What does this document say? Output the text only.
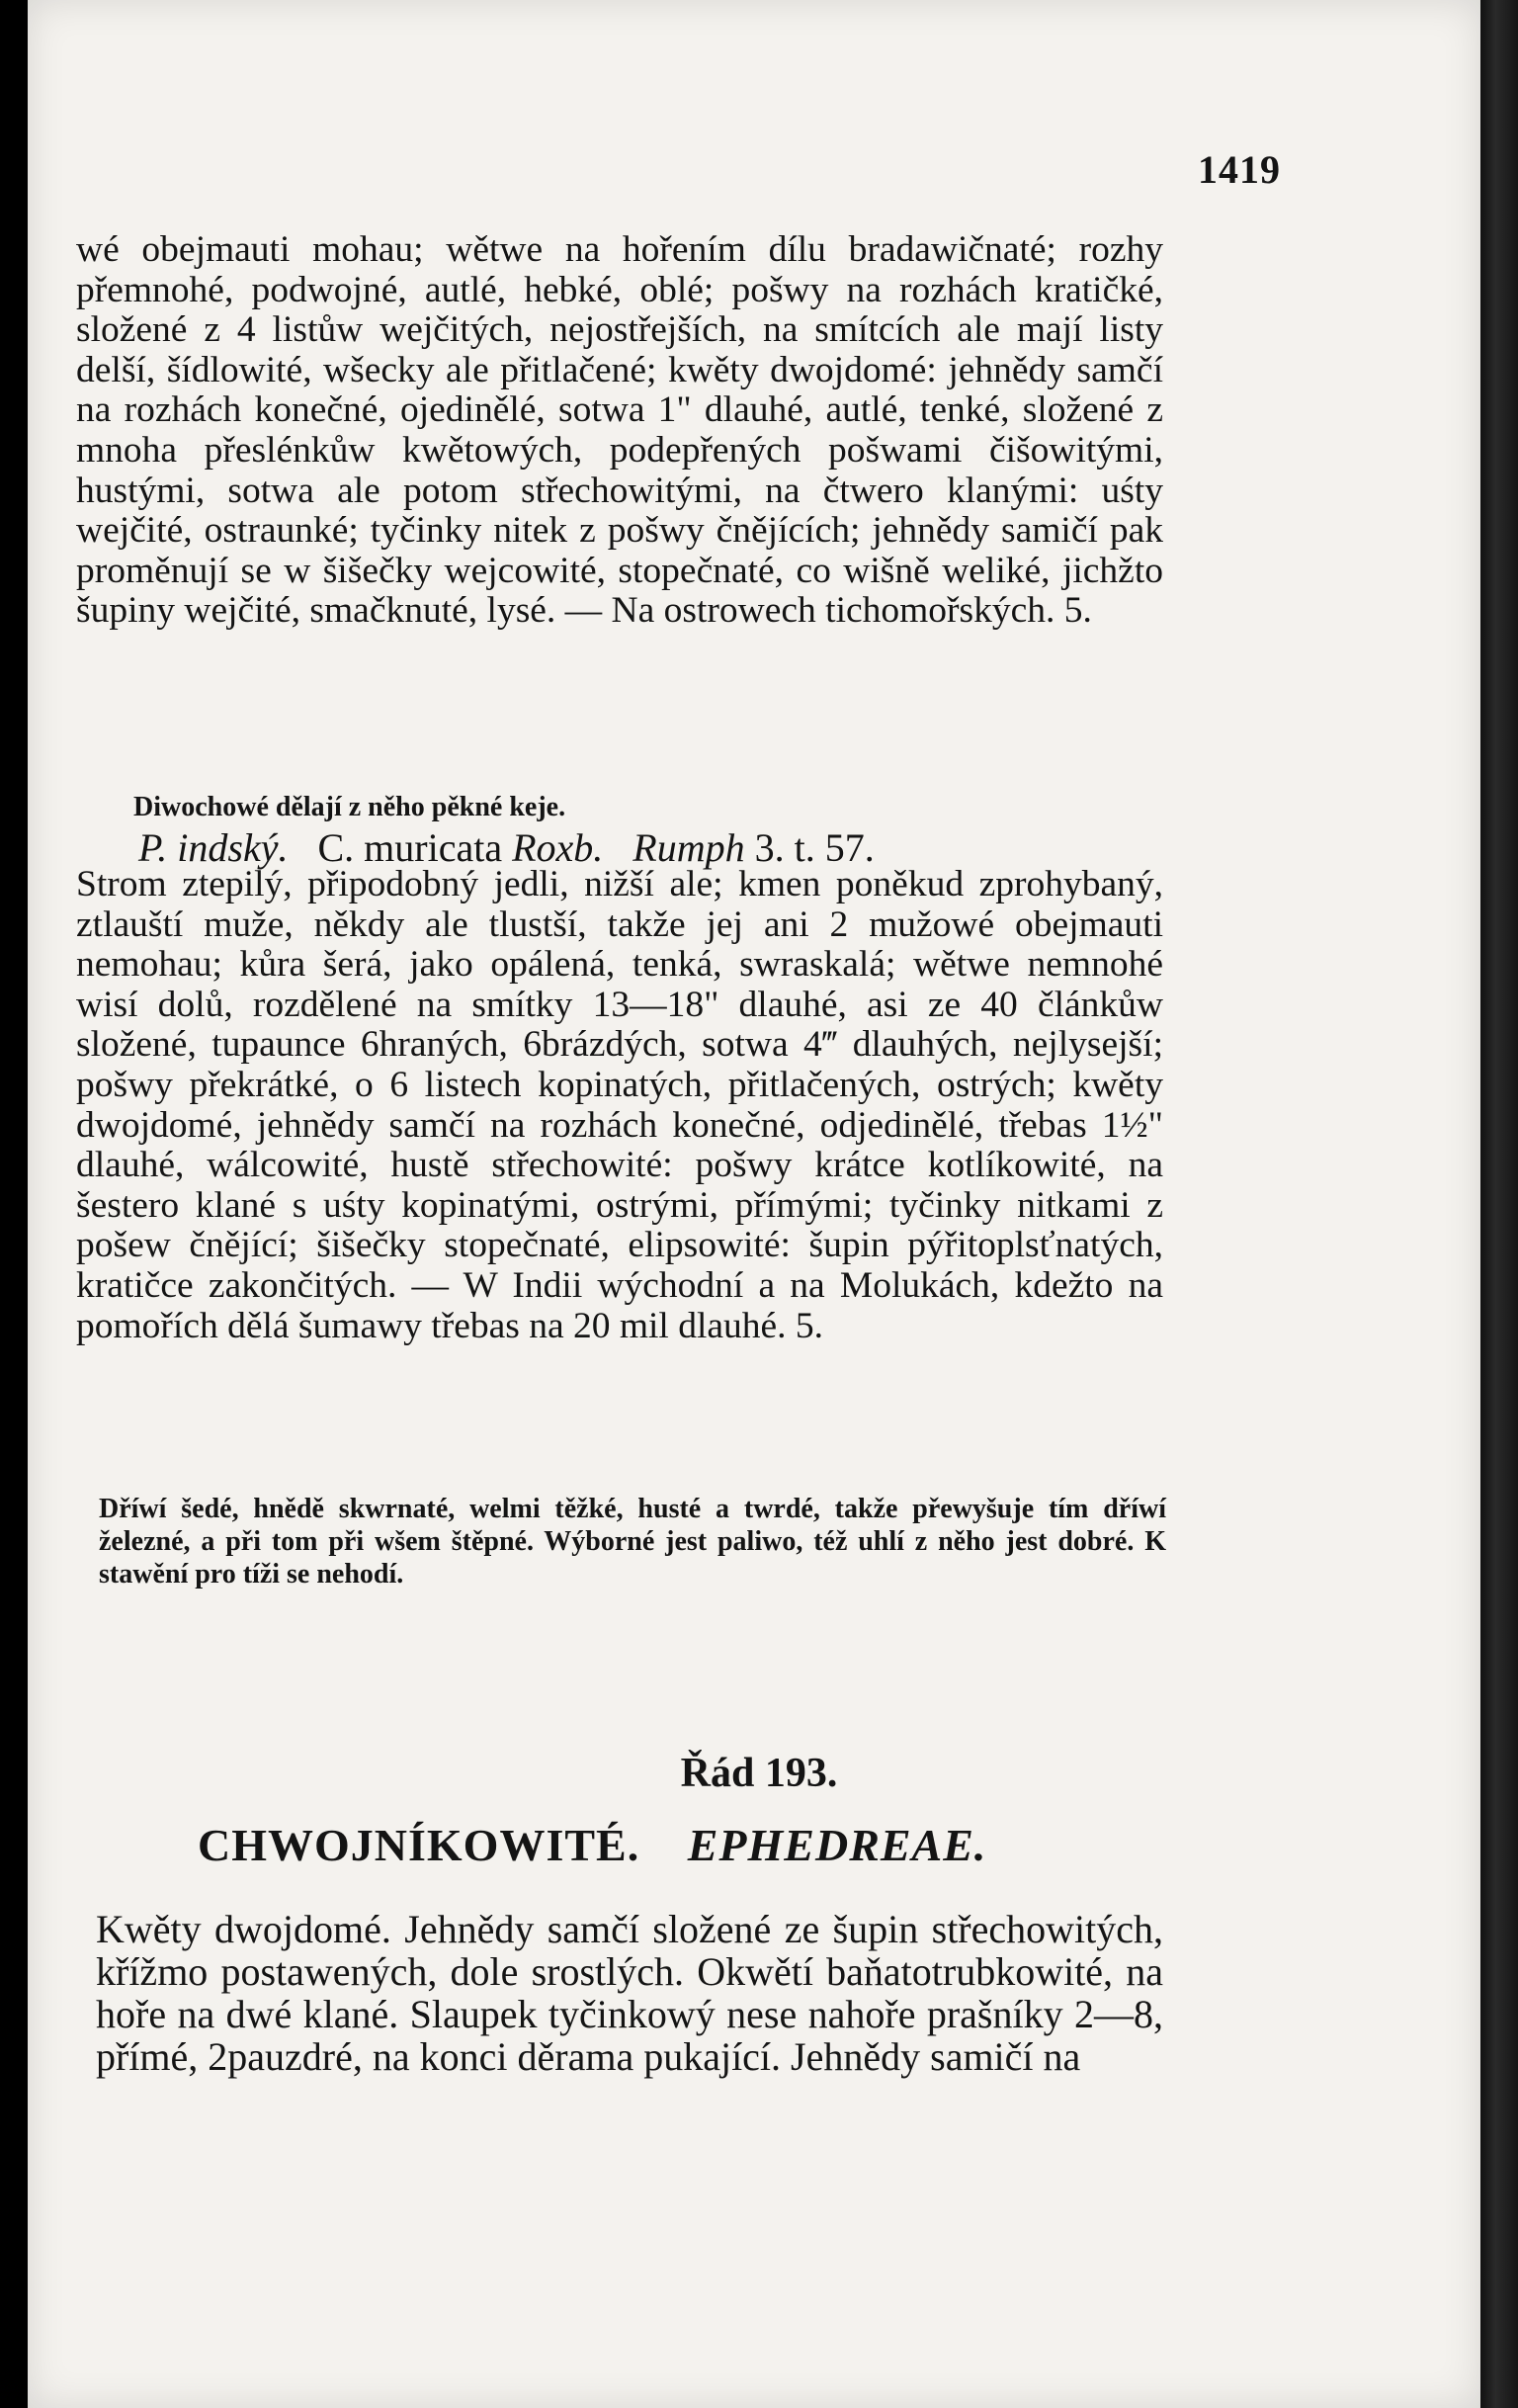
1419
wé obejmauti mohau; wětwe na hořením dílu bradawičnaté; rozhy přemnohé, podwojné, autlé, hebké, oblé; pošwy na rozhách kratičké, složené z 4 listůw wejčitých, nejostřejších, na smítcích ale mají listy delší, šídlowité, wšecky ale přitlačené; kwěty dwojdomé: jehnědy samčí na rozhách konečné, ojedinělé, sotwa 1" dlauhé, autlé, tenké, složené z mnoha přeslénkůw kwětowých, podepřených pošwami čišowitými, hustými, sotwa ale potom střechowitými, na čtwero klanými: uśty wejčité, ostraunké; tyčinky nitek z pošwy čnějících; jehnědy samičí pak proměnují se w šišečky wejcowité, stopečnaté, co wišně weliké, jichžto šupiny wejčité, smačknuté, lysé. — Na ostrowech tichomořských. 5.

Diwochowé dělají z něho pěkné keje.

P. indský. C. muricata Roxb. Rumph 3. t. 57.
Strom ztepilý, připodobný jedli, nižší ale; kmen poněkud zprohybaný, ztlauští muže, někdy ale tlustší, takže jej ani 2 mužowé obejmauti nemohau; kůra šerá, jako opálená, tenká, swraskalá; wětwe nemnohé wisí dolů, rozdělené na smítky 13—18" dlauhé, asi ze 40 článkůw složené, tupaunce 6hraných, 6brázdých, sotwa 4‴ dlauhých, nejlysejší; pošwy překrátké, o 6 listech kopinatých, přitlačených, ostrých; kwěty dwojdomé, jehnědy samčí na rozhách konečné, odjedinělé, třebas 1½" dlauhé, wálcowité, hustě střechowité: pošwy krátce kotlíkowité, na šestero klané s uśty kopinatými, ostrými, přímými; tyčinky nitkami z pošew čnějící; šišečky stopečnaté, elipsowité: šupin pýřitoplsťnatých, kratičce zakončitých. — W Indii wýchodní a na Molukách, kdežto na pomořích dělá šumawy třebas na 20 mil dlauhé. 5.

Dříwí šedé, hnědě skwrnaté, welmi těžké, husté a twrdé, takže přewyšuje tím dříwí železné, a při tom při wšem štěpné. Wýborné jest paliwo, též uhlí z něho jest dobré. K stawění pro tíži se nehodí.

Řád 193.
CHWOJNÍKOWITÉ. EPHEDREAE.
Kwěty dwojdomé. Jehnědy samčí složené ze šupin střechowitých, křížmo postawených, dole srostlých. Okwětí baňatotrubkowité, na hoře na dwé klané. Slaupek tyčinkowý nese nahoře prašníky 2—8, přímé, 2pauzdré, na konci děrama pukající. Jehnědy samičí na
